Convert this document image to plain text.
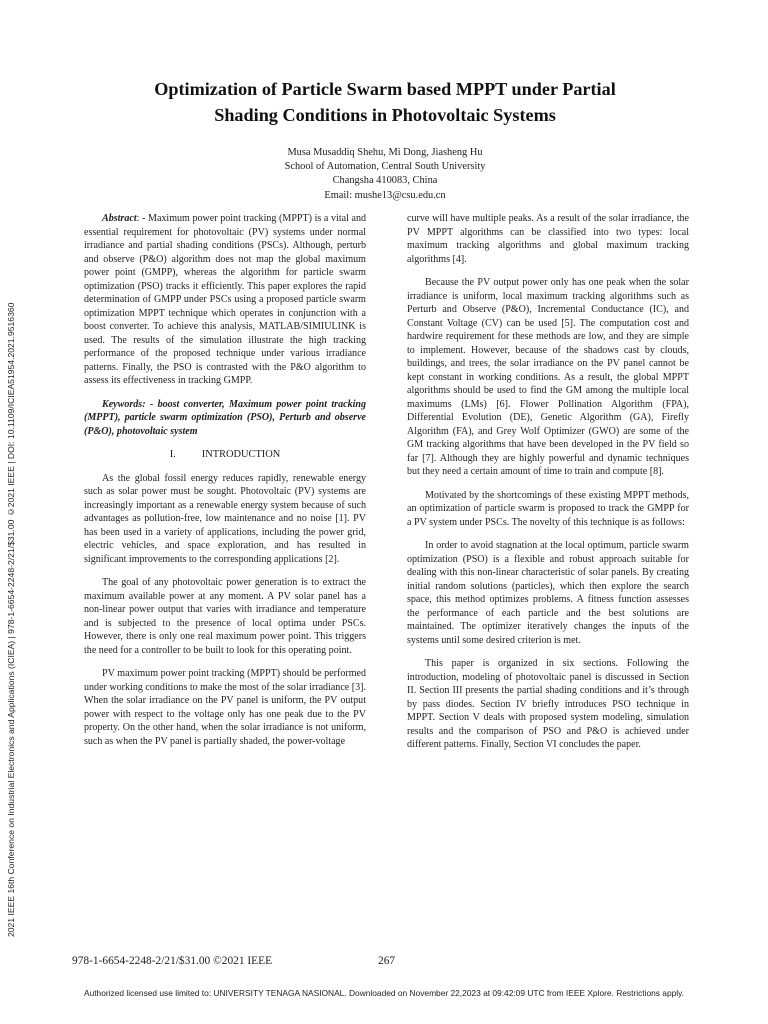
2021 IEEE 16th Conference on Industrial Electronics and Applications (ICIEA) | 978-1-6654-2248-2/21/$31.00 ©2021 IEEE | DOI: 10.1109/ICIEA51954.2021.9516360
Optimization of Particle Swarm based MPPT under Partial
Shading Conditions in Photovoltaic Systems
Musa Musaddiq Shehu, Mi Dong, Jiasheng Hu
School of Automation, Central South University
Changsha 410083, China
Email: mushe13@csu.edu.cn

Abstract: - Maximum power point tracking (MPPT) is a vital and essential requirement for photovoltaic (PV) systems under normal irradiance and partial shading conditions (PSCs). Although, perturb and observe (P&O) algorithm does not map the global maximum power point (GMPP), whereas the algorithm for particle swarm optimization (PSO) tracks it efficiently. This paper explores the rapid determination of GMPP under PSCs using a proposed particle swarm optimization MPPT technique which operates in conjunction with a boost converter. To achieve this analysis, MATLAB/SIMIULINK is used. The results of the simulation illustrate the high tracking performance of the proposed technique under various irradiance patterns. Finally, the PSO is contrasted with the P&O algorithm to assess its effectiveness in tracking GMPP.

Keywords: - boost converter, Maximum power point tracking (MPPT), particle swarm optimization (PSO), Perturb and observe (P&O), photovoltaic system

I.	INTRODUCTION

As the global fossil energy reduces rapidly, renewable energy such as solar power must be sought. Photovoltaic (PV) systems are increasingly important as a renewable energy system because of such advantages as pollution-free, low maintenance and no noise [1]. PV has been used in a variety of applications, including the power grid, electric vehicles, and space exploration, and has resulted in significant improvements to the corresponding applications [2].

The goal of any photovoltaic power generation is to extract the maximum available power at any moment. A PV solar panel has a non-linear power output that varies with irradiance and temperature and is subjected to the presence of local optima under PSCs. However, there is only one real maximum power point. This triggers the need for a controller to be built to look for this operating point.

PV maximum power point tracking (MPPT) should be performed under working conditions to make the most of the solar irradiance [3]. When the solar irradiance on the PV panel is uniform, the PV output power with respect to the voltage only has one peak due to the PV property. On the other hand, when the solar irradiance is not uniform, such as when the PV panel is partially shaded, the power-voltage

curve will have multiple peaks. As a result of the solar irradiance, the PV MPPT algorithms can be classified into two types: local maximum tracking algorithms and global maximum tracking algorithms [4].

Because the PV output power only has one peak when the solar irradiance is uniform, local maximum tracking algorithms such as Perturb and Observe (P&O), Incremental Conductance (IC), and Constant Voltage (CV) can be used [5]. The computation cost and hardwire requirement for these methods are low, and they are simple to implement. However, because of the shadows cast by clouds, buildings, and trees, the solar irradiance on the PV panel cannot be kept constant in working conditions. As a result, the global MPPT algorithms should be used to find the GM among the multiple local maximums (LMs) [6]. Flower Pollination Algorithm (FPA), Differential Evolution (DE), Genetic Algorithm (GA), Firefly Algorithm (FA), and Grey Wolf Optimizer (GWO) are some of the GM tracking algorithms that have been developed in the PV field so far [7]. Although they are highly powerful and dynamic techniques but they need a certain amount of time to train and compute [8].

Motivated by the shortcomings of these existing MPPT methods, an optimization of particle swarm is proposed to track the GMPP for a PV system under PSCs. The novelty of this technique is as follows:

In order to avoid stagnation at the local optimum, particle swarm optimization (PSO) is a flexible and robust approach suitable for dealing with this non-linear characteristic of solar panels. By creating initial random solutions (particles), which then explore the search space, this method optimizes problems. A fitness function assesses the performance of each particle and the best solutions are maintained. The optimizer iteratively changes the inputs of the systems until some desired criterion is met.

This paper is organized in six sections. Following the introduction, modeling of photovoltaic panel is discussed in Section II. Section III presents the partial shading conditions and it’s through by pass diodes. Section IV briefly introduces PSO technique in MPPT. Section V deals with proposed system modeling, simulation results and the comparison of PSO and P&O is achieved under different patterns. Finally, Section VI concludes the paper.

978-1-6654-2248-2/21/$31.00 ©2021 IEEE	267
Authorized licensed use limited to: UNIVERSITY TENAGA NASIONAL. Downloaded on November 22,2023 at 09:42:09 UTC from IEEE Xplore. Restrictions apply.
